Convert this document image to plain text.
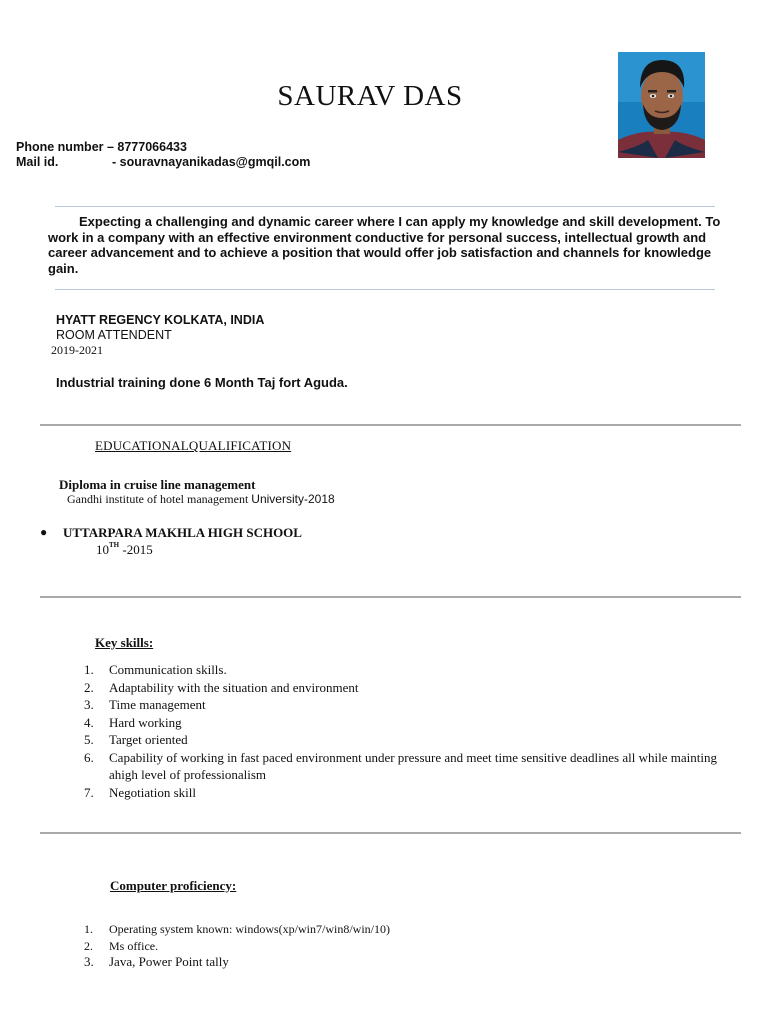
SAURAV DAS
Phone number – 8777066433
Mail id.	- souravnayanikadas@gmqil.com
Expecting a challenging and dynamic career where I can apply my knowledge and skill development. To work in a company with an effective environment conductive for personal success, intellectual growth and career advancement and to achieve a position that would offer job satisfaction and channels for knowledge gain.
HYATT REGENCY KOLKATA, INDIA
ROOM ATTENDENT
2019-2021
Industrial training done 6 Month Taj fort Aguda.
EDUCATIONALQUALIFICATION
Diploma in cruise line management
Gandhi institute of hotel management University-2018
● UTTARPARA MAKHLA HIGH SCHOOL
10TH -2015
Key skills:
1.	Communication skills.
2.	Adaptability with the situation and environment
3.	Time management
4.	Hard working
5.	Target oriented
6.	Capability of working in fast paced environment under pressure and meet time sensitive deadlines all while mainting ahigh level of professionalism
7.	Negotiation skill
Computer proficiency:
1.	Operating system known: windows(xp/win7/win8/win/10)
2.	Ms office.
3.	Java, Power Point tally
